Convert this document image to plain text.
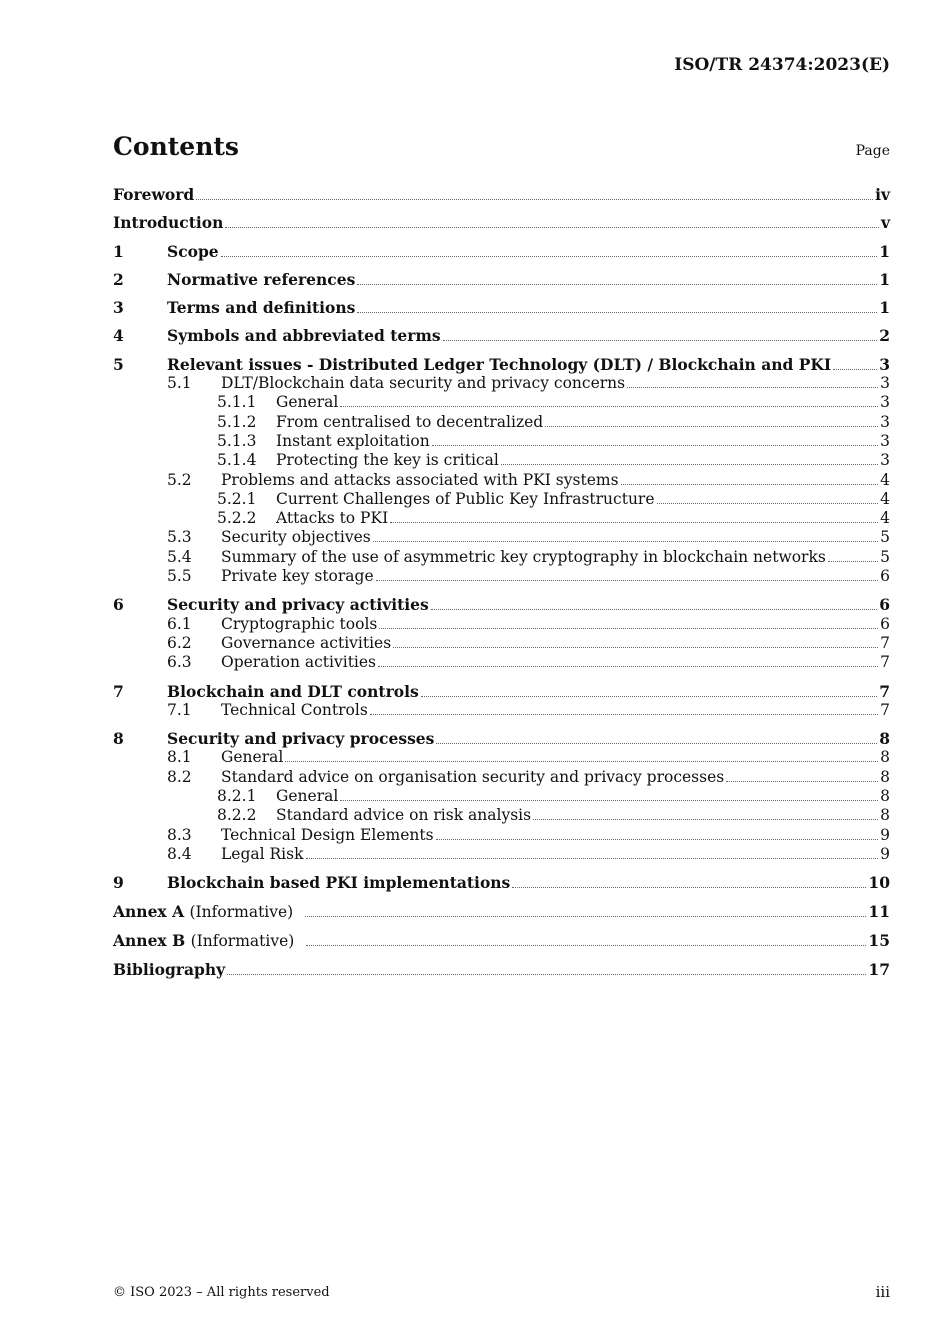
ISO/TR 24374:2023(E)
Contents	Page
Foreword	iv
Introduction	v
1	Scope	1
2	Normative references	1
3	Terms and definitions	1
4	Symbols and abbreviated terms	2
5	Relevant issues - Distributed Ledger Technology (DLT) / Blockchain and PKI	3
5.1	DLT/Blockchain data security and privacy concerns	3
5.1.1	General	3
5.1.2	From centralised to decentralized	3
5.1.3	Instant exploitation	3
5.1.4	Protecting the key is critical	3
5.2	Problems and attacks associated with PKI systems	4
5.2.1	Current Challenges of Public Key Infrastructure	4
5.2.2	Attacks to PKI	4
5.3	Security objectives	5
5.4	Summary of the use of asymmetric key cryptography in blockchain networks	5
5.5	Private key storage	6
6	Security and privacy activities	6
6.1	Cryptographic tools	6
6.2	Governance activities	7
6.3	Operation activities	7
7	Blockchain and DLT controls	7
7.1	Technical Controls	7
8	Security and privacy processes	8
8.1	General	8
8.2	Standard advice on organisation security and privacy processes	8
8.2.1	General	8
8.2.2	Standard advice on risk analysis	8
8.3	Technical Design Elements	9
8.4	Legal Risk	9
9	Blockchain based PKI implementations	10
Annex A (Informative)	11
Annex B (Informative)	15
Bibliography	17
© ISO 2023 – All rights reserved	iii
